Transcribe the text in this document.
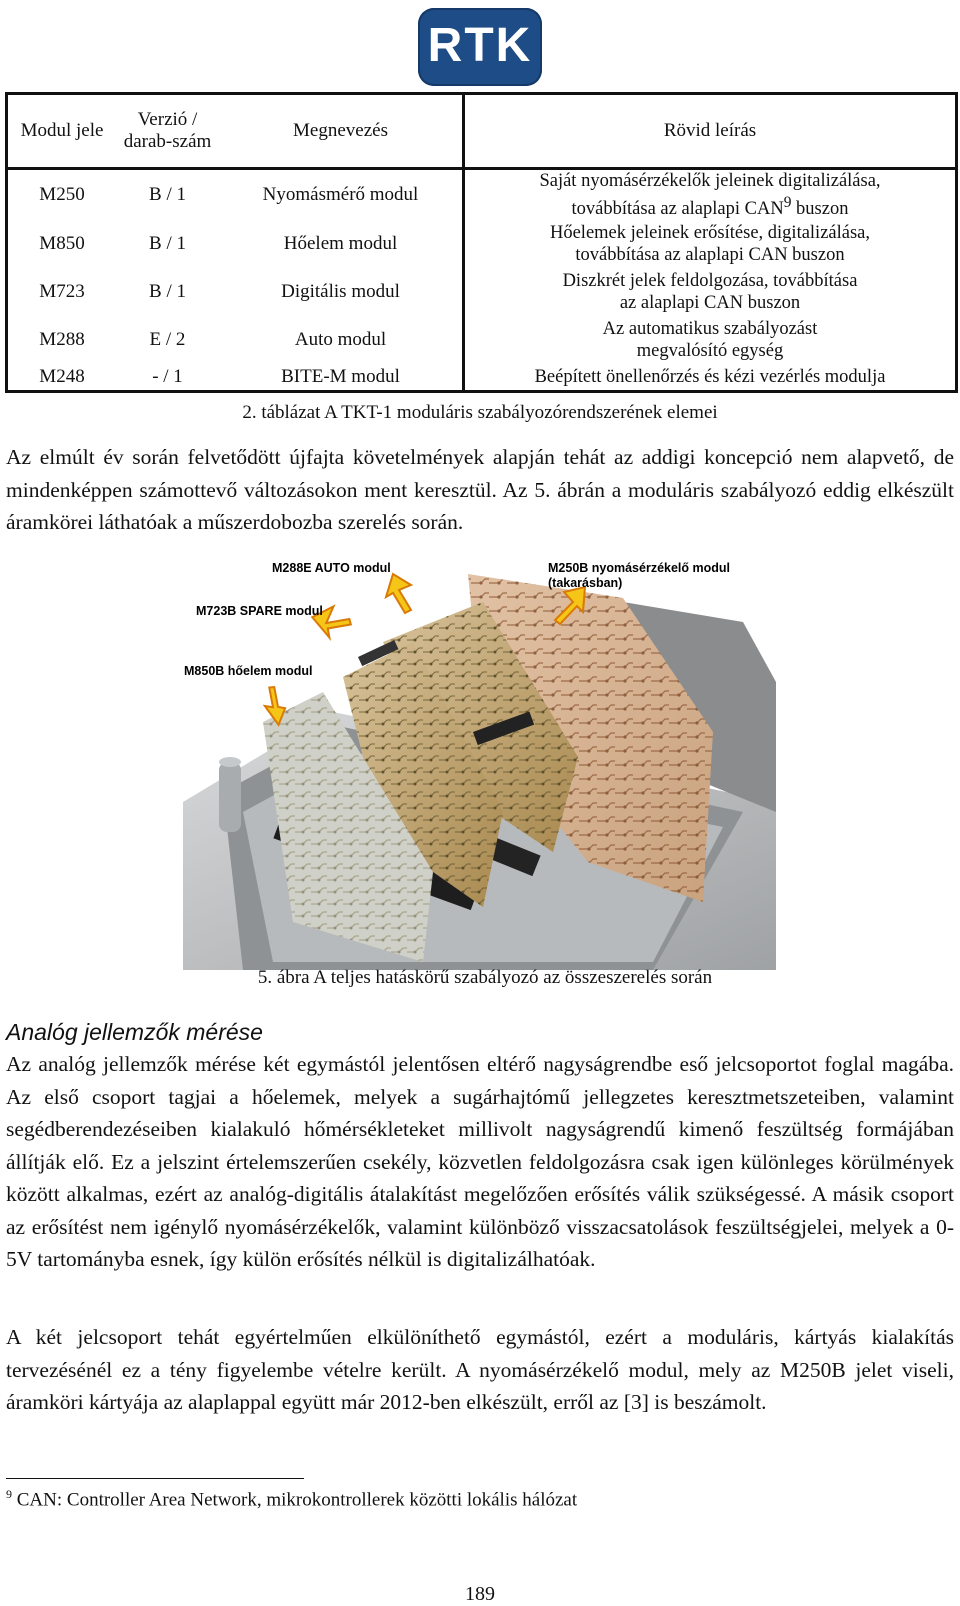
RTK
Modul jele	Verzió / darab-szám	Megnevezés	Rövid leírás
M250	B / 1	Nyomásmérő modul	Saját nyomásérzékelők jeleinek digitalizálása,
továbbítása az alaplapi CAN$^9$ buszon
M850	B / 1	Hőelem modul	Hőelemek jeleinek erősítése, digitalizálása,
továbbítása az alaplapi CAN buszon
M723	B / 1	Digitális modul	Diszkrét jelek feldolgozása, továbbítása
az alaplapi CAN buszon
M288	E / 2	Auto modul	Az automatikus szabályozást
megvalósító egység
M248	- / 1	BITE-M modul	Beépített önellenőrzés és kézi vezérlés modulja
2. táblázat A TKT-1 moduláris szabályozórendszerének elemei

Az elmúlt év során felvetődött újfajta követelmények alapján tehát az addigi koncepció nem alapvető, de mindenképpen számottevő változásokon ment keresztül. Az 5. ábrán a moduláris szabályozó eddig elkészült áramkörei láthatóak a műszerdobozba szerelés során.

M288E AUTO modul	M250B nyomásérzékelő modul
(takarásban)
M723B SPARE modul
M850B hőelem modul
5. ábra A teljes hatáskörű szabályozó az összeszerelés során
Analóg jellemzők mérése

Az analóg jellemzők mérése két egymástól jelentősen eltérő nagyságrendbe eső jelcsoportot foglal magába. Az első csoport tagjai a hőelemek, melyek a sugárhajtómű jellegzetes keresztmetszeteiben, valamint segédberendezéseiben kialakuló hőmérsékleteket millivolt nagyságrendű kimenő feszültség formájában állítják elő. Ez a jelszint értelemszerűen csekély, közvetlen feldolgozásra csak igen különleges körülmények között alkalmas, ezért az analóg-digitális átalakítást megelőzően erősítés válik szükségessé. A másik csoport az erősítést nem igénylő nyomásérzékelők, valamint különböző visszacsatolások feszültségjelei, melyek a 0-5V tartományba esnek, így külön erősítés nélkül is digitalizálhatóak.

A két jelcsoport tehát egyértelműen elkülöníthető egymástól, ezért a moduláris, kártyás kialakítás tervezésénél ez a tény figyelembe vételre került. A nyomásérzékelő modul, mely az M250B jelet viseli, áramköri kártyája az alaplappal együtt már 2012-ben elkészült, erről az [3] is beszámolt.

$^9$ CAN: Controller Area Network, mikrokontrollerek közötti lokális hálózat

189
